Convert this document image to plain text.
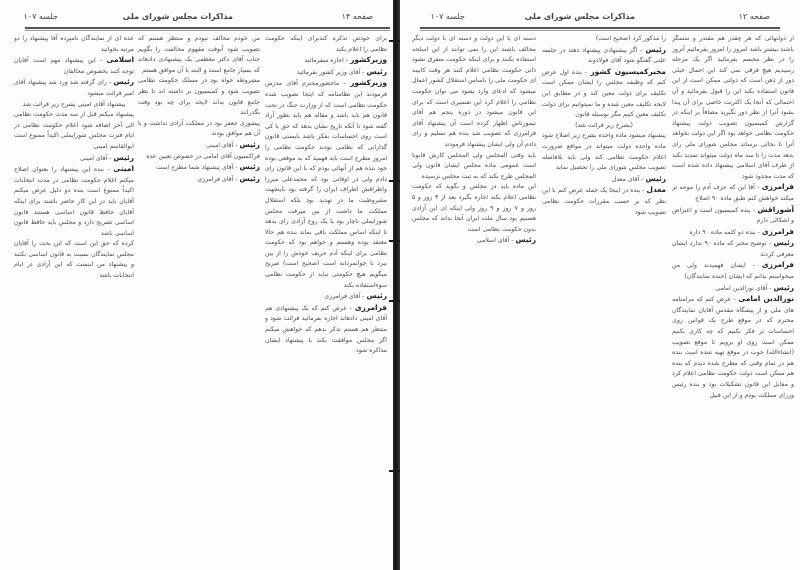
صفحه ۱۴
مذاکرات مجلس شورای ملی
جلسه ۱۰۷

برای خودش تذکره کندبرای اینکه حکومت نظامی را اعلام بکند

وزیرکشور - اجازه میفرمائید

رئیس - آقای وزیر کشور بفرمائید

وزیرکشور - ماحضورمحترم آقای مدرس فرمودند این نظامنامه که اینجا تصویب شده حکومت نظامی است که از وزارت جنگ در تحت قانون هم باید باشد و مقاله هم باید بطور آزاد گفته شود تا آنکه تاریخ نشان بدهد که حق با کی است روی احساسات بفکر باشد بایستی قانون گذارانی که نظامی بودند حکومت نظامی را امروز مطرح است باید فهمید که به موقعی بوده خود بنده هم از آنهائی بودم که با این قانون رای دادم ولی در اوقاتی بود که محمدعلی میرزا واطرافش اطراف ایران را گرفته بود باینجهت مشروطیت ما در تهدید بود بلکه استقلال مملکت ما داشت از بین میرفت مجلس شورایملی ناچار بود یا یک روح آزادی رای بدهد تا اینکه اساس مملکت باقی بماند بنده هم حالا معتقد بوده وهستم و خواهم بود که حکومت نظامی برای اینکه آدم حریف خودش را از بین ببرد نا جوانمردانه است (صحیح است) صریح میگویم هیچ حکومتی نباید از حکومت نظامی سوءاستفاده بکند

رئیس - آقای فرامرزی

فرامرزی - عرض کنم که یک پیشنهادی هم آقای امینی دادهاند اجازه بفرمائید قرائت شود و منتظر هم هستم تذکر بدهم که خواهش میکنم اگر مجلس موافقت بکند با پیشنهاد ایشان مذاکره شود

من خودم مخالف نبودم و منتظر هستم که تصویب شود آنوقت مفهوم مخالفت را بگویم جناب آقای دکتر معظمی یک پیشنهادی دادهاند که بسیار جامع است و البته با آن موافق هستم

مشروطه خواه بود در مسلک حکومت نظامی تصویب شود و کمیسیون بر داشته اند تا نظر جامع قانون بداند لایحه برای چه بود وقت بگذرانند

پیشوری جعفر بود در مملکت آزادی نداشت و با آن هم موافق بودند

رئیس - آقای امینی

فراکسیون آقای امامی در خصوص تعیین عده

رئیس - آقای پیشنهاد شما مطرح است

رئیس - آقای فرامرزی

عده ای از نمایندگان نامبرده آقا پیشنهاد را دو مرتبه بخوانید

اسلامی - این پیشنهاد مهم است آقایان توجه کنند بخصوص مخالفان

رئیس - رای گرفته شد ورد شد پیشنهاد آقای امیر قرائت میشود

پیشنهاد آقای امینی بشرح زیر قرائت شد

پیشنهاد میکنم قبل از سه مدت حکومت نظامی الی آخر اضافه شود اعلام حکومت نظامی در ایام فترت مجلس شورایملی اکیداً ممنوع است ابوالقاسم امینی

رئیس - آقای امینی

امینی - بنده این پیشنهاد را بعنوان اصلاح میکنم اعلام حکومت نظامی در مدت انتخابات اکیداً ممنوع است بنده دو دلیل عرض میکنم آقایان باید در این کار حاضر باشند برای اینکه آقایان حافظ قانون اساسی هستند قانون اساسی تصریح دارد و مجلس باید حافظ قانون اساسی باشد

کرده که حق این است که این بحث را آقایان مجلس نمایندگان نسبت به قانون اساسی بکنند و پیشنهاد من اینست که این آزادی در ایام انتخابات باشد

صفحه ۱۲
مذاکرات مجلس شورای ملی
جلسه ۱۰۷

از دولتهائی که هر چقدر هم مقتدر و ستمگر باشند بیشتر باشد امروز را امروز بفرمائیم آنروز را در نظر مجسم بفرمائید اگر یک مرحله رسیدیم هیچ فرقی نمی کند این احمال خیلی دور از ذهن است که دولتی ممکن است از این قانون استفاده بکند این را قبول بفرمائید و آن احتمالی که آنجا یک اکثریت خاصی برای آن پیدا بشود آنرا از نظر دور نگیرید مضافاً بر اینکه در گزارش کمیسیون تصویب دولت پیشنهاد حکومت نظامی خواهد بود اگر این دولت بخواهد آنرا تا بجائی برساند مجلس شورای ملی رای بدهد مدت را تا سه ماه دولت میتواند تمدید بکند از طرف آقای اسلامی پیشنهاد داده شده است که مدت محدود شود

فرامرزی - آقا این که حرف آدم را موجه تر میکند خواهش کنم طبق ماده ۹۰ اصلاح

آشوراقش - بنده کمیسیون است و اعتراض و اشکالی دارم

فرامرزی - بنده دو کلمه ماده ۹۰ داره

رئیس - توضیح مخبر که ماده ۹۰ ندارد ایشان معرفی کردند

فرامرزی - ایشان فهمیدند ولی من میخواستم بدانم که ایشان (خنده نمایندگان)

رئیس - آقای نورالدین امامی

نورالدین امامی - عرض کنم که مرامنامه های ملی و از پیشگاه مقدس آقایان نمایندگان محترم که در موقع طرح یک قوانین روی احساسات تر فکر بکنیم که چه کاری بکنیم ممکن است روی او برویم تا موقع تصویب (انشاءالله) خوب در موقع نهیه شده است بنده هم در تمام وقتی که مطرح شده دیدم که بنده هم ممکن است دولت حکومت نظامی اعلام کرد و مقابل این قانون تشکیلات بود و بنده رئیس وزرای مملکت بودم و از این قبیل

را مذکور کرد (صحیح است)

رئیس - اگر پیشنهادی پیشنهاد دهند در جلسه علنی گفتگو شود آقای فولادوند

مخبرکمیسیون کشور - بنده اول عرض کنم که وظیفه مجلس را ایشان ممکن است تکلیف برای دولت معین کند و در مطابق این لایحه تکلیف معین شده و ما نمیتوانیم برای دولت تکلیف معین کنیم مگر بوسیله قانون

(بشرح زیر قرائت شد)

پیشنهاد میشود ماده واحده بشرح زیر اصلاح شود ماده واحده دولت میتواند در مواقع ضرورت اعلام حکومت نظامی کند ولی باید بلافاصله تصویب مجلس شورای ملی را تحصیل نماید

رئیس - آقای معدل

معدل - بنده در اینجا یک جمله عرض کنم با این نظر که بر حسب مقررات حکومت نظامی تصویب شود

دسته ای یا این دولت و دسته ای با دولت دیگر مخالف باشند این را نمی توانند از این اسلحه استفاده بکنند و برای اینکه حکومت متفرق نشود ذاتی حکومت نظامی اعلام کنند هر وقت کابینه ای حکومت ملی را باساس استقلال کشور اعمال میشود که ادعای وارد بشود می توان حکومت نظامی را اعلام کرد این تفسیری است که برای این قانون میشود در دوره پنجم هم آقای تیمورتاش اظهار کرده است آن پیشنهاد آقای فرامرزی که تصویب شد بنده هم تسلیم و رای دادم آن ولی ایشان پیشنهاد فرمودند

باید وقتی المجلس ولی المجلس کارش قانونا است عمومی ماده مجلس ایشان قانون ولی المجلس طرح بکند که به ثبت مجلس نرسیده

این ماده باید در مجلس و بگوید که حکومت نظامی اعلام بکند اجازه بگیرد بعد از ۳ روز و ۵ روز و ۷ روز و ۹ روز ولی اینکه ای این آزادی هستیم بود سال ملت ایران آنجا بداند که مجلس بدون حکومت نظامی است

رئیس - آقای اسلامی
